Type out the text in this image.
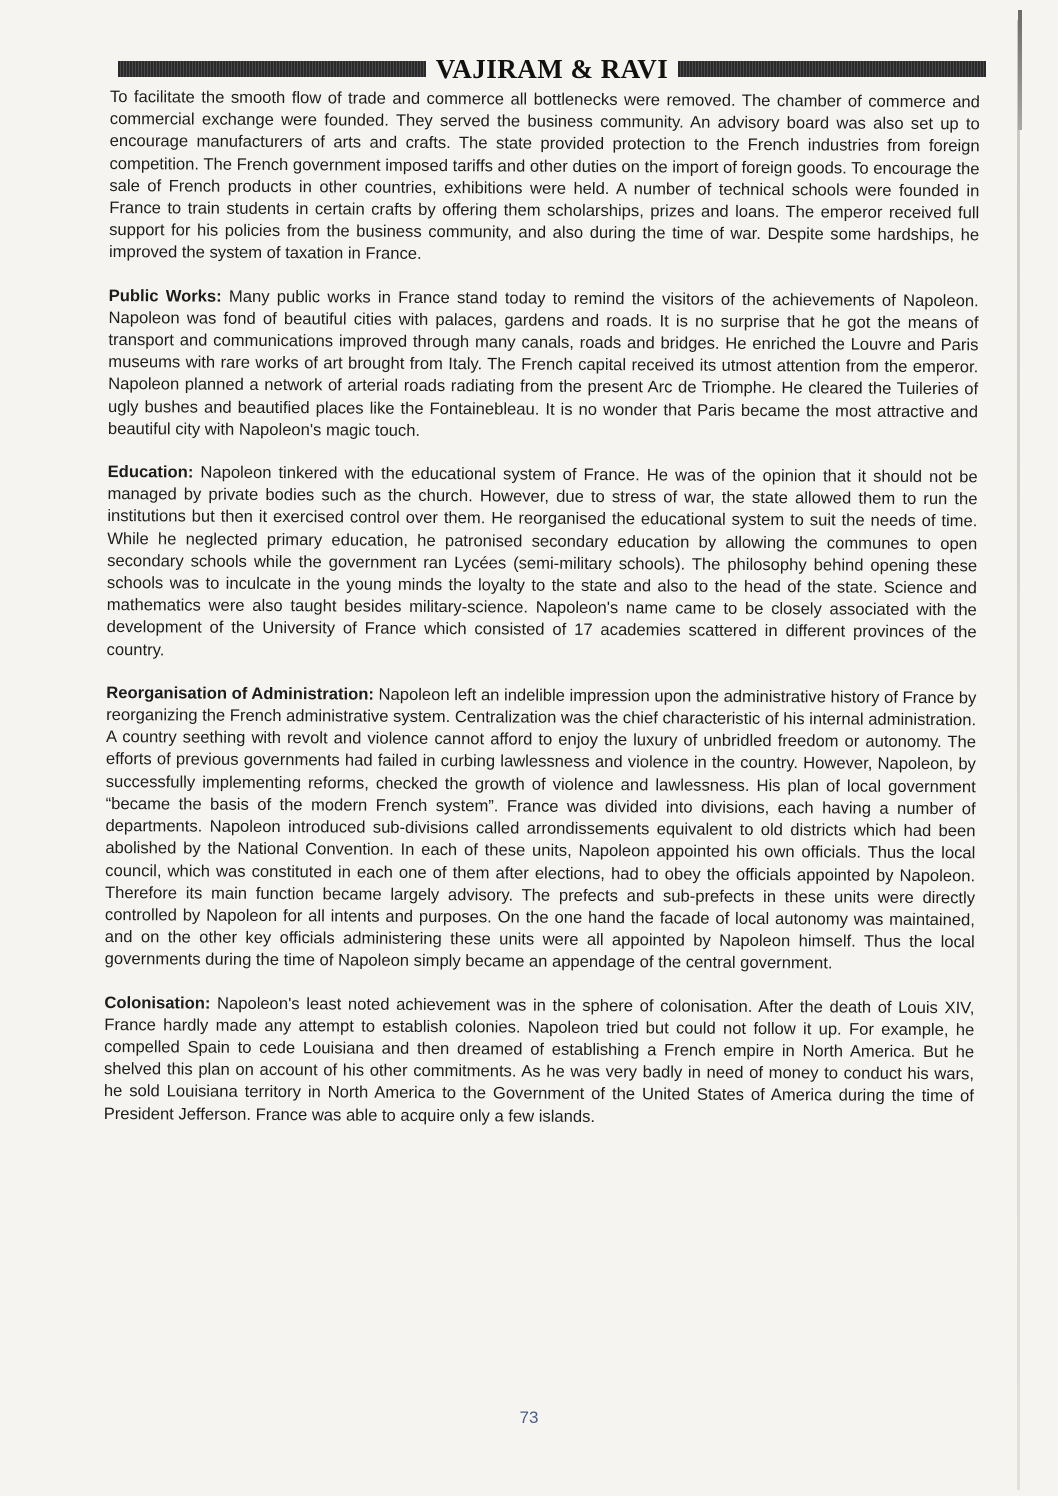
VAJIRAM & RAVI

To facilitate the smooth flow of trade and commerce all bottlenecks were removed. The chamber of commerce and commercial exchange were founded. They served the business community. An advisory board was also set up to encourage manufacturers of arts and crafts. The state provided protection to the French industries from foreign competition. The French government imposed tariffs and other duties on the import of foreign goods. To encourage the sale of French products in other countries, exhibitions were held. A number of technical schools were founded in France to train students in certain crafts by offering them scholarships, prizes and loans. The emperor received full support for his policies from the business community, and also during the time of war. Despite some hardships, he improved the system of taxation in France.

Public Works: Many public works in France stand today to remind the visitors of the achievements of Napoleon. Napoleon was fond of beautiful cities with palaces, gardens and roads. It is no surprise that he got the means of transport and communications improved through many canals, roads and bridges. He enriched the Louvre and Paris museums with rare works of art brought from Italy. The French capital received its utmost attention from the emperor. Napoleon planned a network of arterial roads radiating from the present Arc de Triomphe. He cleared the Tuileries of ugly bushes and beautified places like the Fontainebleau. It is no wonder that Paris became the most attractive and beautiful city with Napoleon's magic touch.

Education: Napoleon tinkered with the educational system of France. He was of the opinion that it should not be managed by private bodies such as the church. However, due to stress of war, the state allowed them to run the institutions but then it exercised control over them. He reorganised the educational system to suit the needs of time. While he neglected primary education, he patronised secondary education by allowing the communes to open secondary schools while the government ran Lycées (semi-military schools). The philosophy behind opening these schools was to inculcate in the young minds the loyalty to the state and also to the head of the state. Science and mathematics were also taught besides military-science. Napoleon's name came to be closely associated with the development of the University of France which consisted of 17 academies scattered in different provinces of the country.

Reorganisation of Administration: Napoleon left an indelible impression upon the administrative history of France by reorganizing the French administrative system. Centralization was the chief characteristic of his internal administration. A country seething with revolt and violence cannot afford to enjoy the luxury of unbridled freedom or autonomy. The efforts of previous governments had failed in curbing lawlessness and violence in the country. However, Napoleon, by successfully implementing reforms, checked the growth of violence and lawlessness. His plan of local government “became the basis of the modern French system”. France was divided into divisions, each having a number of departments. Napoleon introduced sub-divisions called arrondissements equivalent to old districts which had been abolished by the National Convention. In each of these units, Napoleon appointed his own officials. Thus the local council, which was constituted in each one of them after elections, had to obey the officials appointed by Napoleon. Therefore its main function became largely advisory. The prefects and sub-prefects in these units were directly controlled by Napoleon for all intents and purposes. On the one hand the facade of local autonomy was maintained, and on the other key officials administering these units were all appointed by Napoleon himself. Thus the local governments during the time of Napoleon simply became an appendage of the central government.

Colonisation: Napoleon's least noted achievement was in the sphere of colonisation. After the death of Louis XIV, France hardly made any attempt to establish colonies. Napoleon tried but could not follow it up. For example, he compelled Spain to cede Louisiana and then dreamed of establishing a French empire in North America. But he shelved this plan on account of his other commitments. As he was very badly in need of money to conduct his wars, he sold Louisiana territory in North America to the Government of the United States of America during the time of President Jefferson. France was able to acquire only a few islands.

73
